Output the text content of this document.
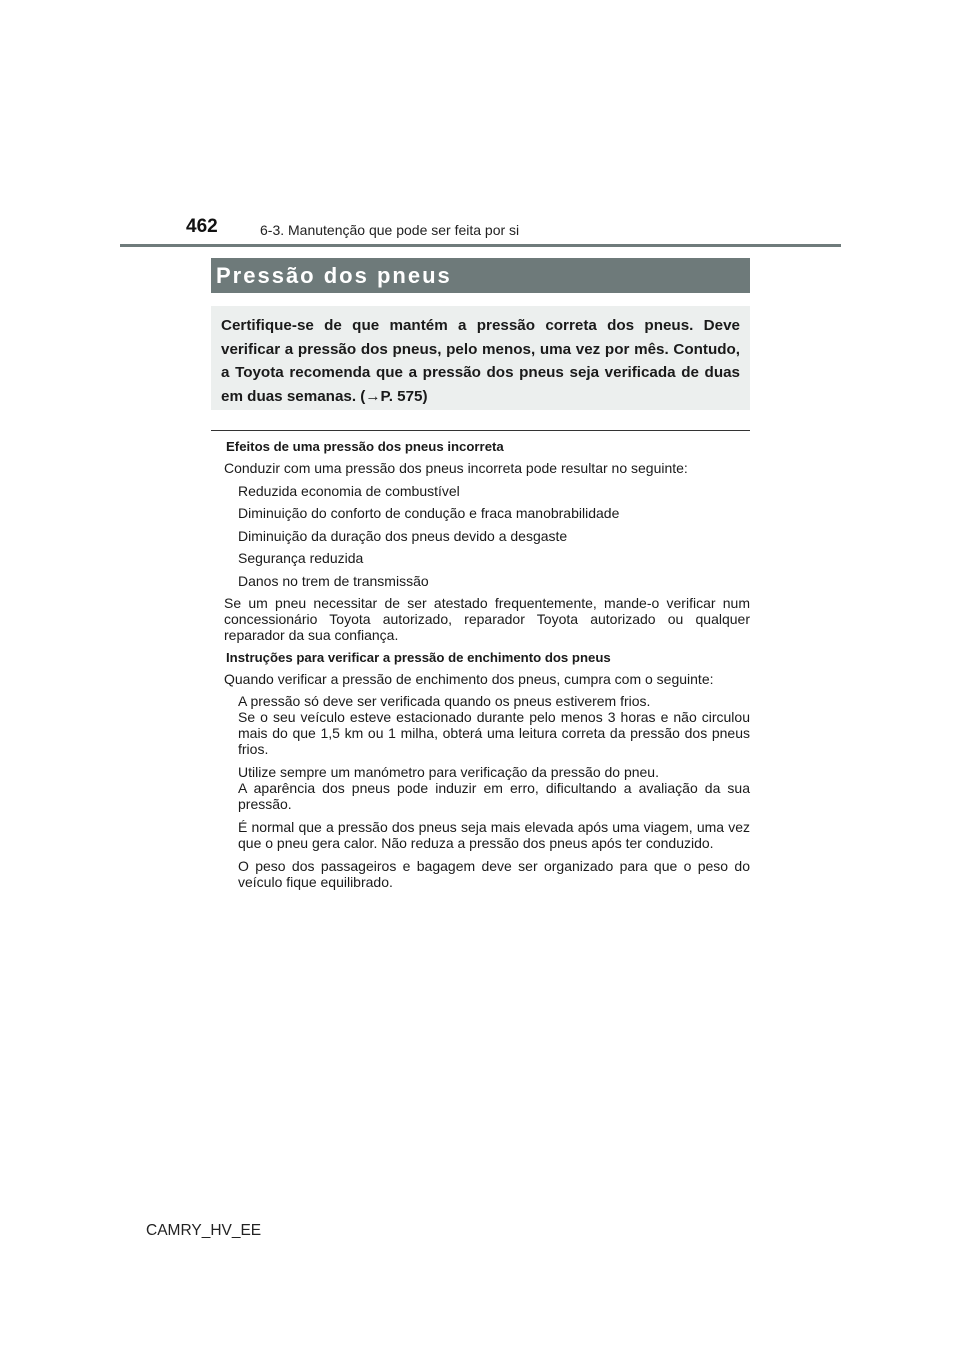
462	6-3. Manutenção que pode ser feita por si
Pressão dos pneus

Certifique-se de que mantém a pressão correta dos pneus. Deve verificar a pressão dos pneus, pelo menos, uma vez por mês. Contudo, a Toyota recomenda que a pressão dos pneus seja verificada de duas em duas semanas. (→P. 575)

Efeitos de uma pressão dos pneus incorreta

Conduzir com uma pressão dos pneus incorreta pode resultar no seguinte:

Reduzida economia de combustível
Diminuição do conforto de condução e fraca manobrabilidade
Diminuição da duração dos pneus devido a desgaste
Segurança reduzida
Danos no trem de transmissão

Se um pneu necessitar de ser atestado frequentemente, mande-o verificar num concessionário Toyota autorizado, reparador Toyota autorizado ou qualquer reparador da sua confiança.

Instruções para verificar a pressão de enchimento dos pneus

Quando verificar a pressão de enchimento dos pneus, cumpra com o seguinte:

A pressão só deve ser verificada quando os pneus estiverem frios.
Se o seu veículo esteve estacionado durante pelo menos 3 horas e não circulou mais do que 1,5 km ou 1 milha, obterá uma leitura correta da pressão dos pneus frios.
Utilize sempre um manómetro para verificação da pressão do pneu.
A aparência dos pneus pode induzir em erro, dificultando a avaliação da sua pressão.
É normal que a pressão dos pneus seja mais elevada após uma viagem, uma vez que o pneu gera calor. Não reduza a pressão dos pneus após ter conduzido.
O peso dos passageiros e bagagem deve ser organizado para que o peso do veículo fique equilibrado.
CAMRY_HV_EE
